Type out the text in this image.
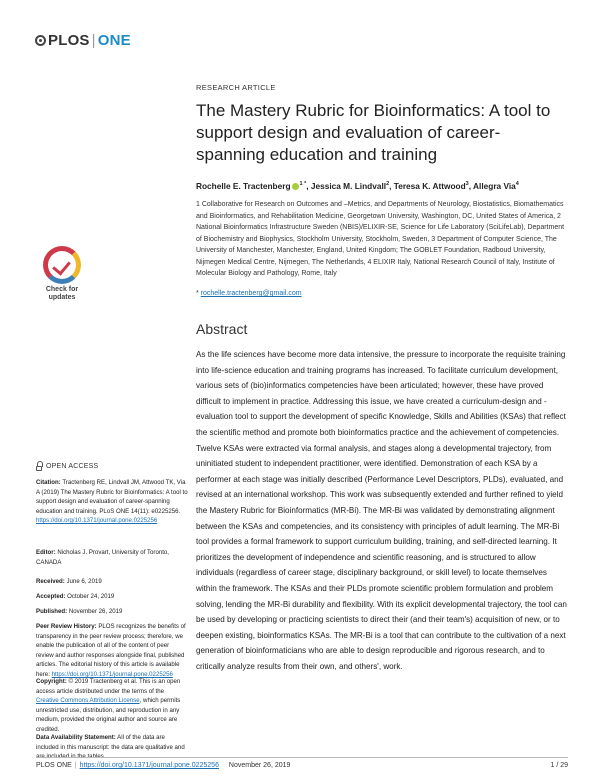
PLOS | ONE
RESEARCH ARTICLE
The Mastery Rubric for Bioinformatics: A tool to support design and evaluation of career-spanning education and training
Rochelle E. Tractenberg $^{1 *}$, Jessica M. Lindvall$^2$, Teresa K. Attwood$^3$, Allegra Via$^4$

1 Collaborative for Research on Outcomes and –Metrics, and Departments of Neurology, Biostatistics, Biomathematics and Bioinformatics, and Rehabilitation Medicine, Georgetown University, Washington, DC, United States of America, 2 National Bioinformatics Infrastructure Sweden (NBIS)/ELIXIR-SE, Science for Life Laboratory (SciLifeLab), Department of Biochemistry and Biophysics, Stockholm University, Stockholm, Sweden, 3 Department of Computer Science, The University of Manchester, Manchester, England, United Kingdom; The GOBLET Foundation, Radboud University, Nijmegen Medical Centre, Nijmegen, The Netherlands, 4 ELIXIR Italy, National Research Council of Italy, Institute of Molecular Biology and Pathology, Rome, Italy

* rochelle.tractenberg@gmail.com
Abstract

As the life sciences have become more data intensive, the pressure to incorporate the requisite training into life-science education and training programs has increased. To facilitate curriculum development, various sets of (bio)informatics competencies have been articulated; however, these have proved difficult to implement in practice. Addressing this issue, we have created a curriculum-design and -evaluation tool to support the development of specific Knowledge, Skills and Abilities (KSAs) that reflect the scientific method and promote both bioinformatics practice and the achievement of competencies. Twelve KSAs were extracted via formal analysis, and stages along a developmental trajectory, from uninitiated student to independent practitioner, were identified. Demonstration of each KSA by a performer at each stage was initially described (Performance Level Descriptors, PLDs), evaluated, and revised at an international workshop. This work was subsequently extended and further refined to yield the Mastery Rubric for Bioinformatics (MR-Bi). The MR-Bi was validated by demonstrating alignment between the KSAs and competencies, and its consistency with principles of adult learning. The MR-Bi tool provides a formal framework to support curriculum building, training, and self-directed learning. It prioritizes the development of independence and scientific reasoning, and is structured to allow individuals (regardless of career stage, disciplinary background, or skill level) to locate themselves within the framework. The KSAs and their PLDs promote scientific problem formulation and problem solving, lending the MR-Bi durability and flexibility. With its explicit developmental trajectory, the tool can be used by developing or practicing scientists to direct their (and their team's) acquisition of new, or to deepen existing, bioinformatics KSAs. The MR-Bi is a tool that can contribute to the cultivation of a next generation of bioinformaticians who are able to design reproducible and rigorous research, and to critically analyze results from their own, and others', work.

Check for
updates
OPEN ACCESS
Citation: Tractenberg RE, Lindvall JM, Attwood TK, Via A (2019) The Mastery Rubric for Bioinformatics: A tool to support design and evaluation of career-spanning education and training. PLoS ONE 14(11): e0225256. https://doi.org/10.1371/journal.pone.0225256
Editor: Nicholas J. Provart, University of Toronto, CANADA
Received: June 6, 2019
Accepted: October 24, 2019
Published: November 26, 2019
Peer Review History: PLOS recognizes the benefits of transparency in the peer review process; therefore, we enable the publication of all of the content of peer review and author responses alongside final, published articles. The editorial history of this article is available here: https://doi.org/10.1371/journal.pone.0225256
Copyright: © 2019 Tractenberg et al. This is an open access article distributed under the terms of the Creative Commons Attribution License, which permits unrestricted use, distribution, and reproduction in any medium, provided the original author and source are credited.
Data Availability Statement: All of the data are included in this manuscript: the data are qualitative and are included in the tables.
PLOS ONE | https://doi.org/10.1371/journal.pone.0225256 November 26, 2019	1 / 29
